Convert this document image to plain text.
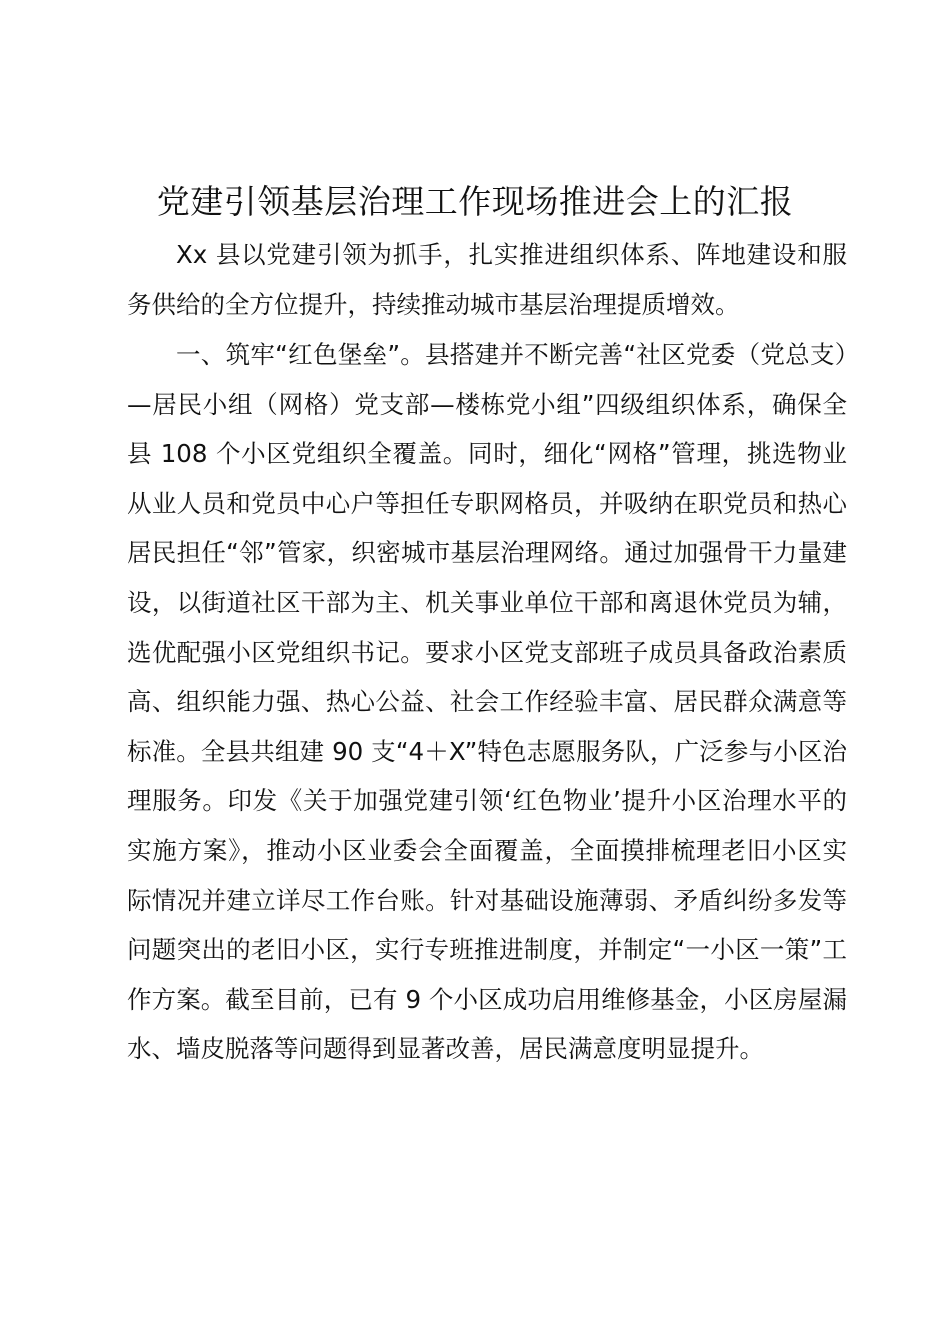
党建引领基层治理工作现场推进会上的汇报

Xx 县以党建引领为抓手，扎实推进组织体系、阵地建设和服务供给的全方位提升，持续推动城市基层治理提质增效。

一、筑牢“红色堡垒”。县搭建并不断完善“社区党委（党总支）—居民小组（网格）党支部—楼栋党小组”四级组织体系，确保全县 108 个小区党组织全覆盖。同时，细化“网格”管理，挑选物业从业人员和党员中心户等担任专职网格员，并吸纳在职党员和热心居民担任“邻”管家，织密城市基层治理网络。通过加强骨干力量建设，以街道社区干部为主、机关事业单位干部和离退休党员为辅，选优配强小区党组织书记。要求小区党支部班子成员具备政治素质高、组织能力强、热心公益、社会工作经验丰富、居民群众满意等标准。全县共组建 90 支“4＋X”特色志愿服务队，广泛参与小区治理服务。印发《关于加强党建引领‘红色物业’提升小区治理水平的实施方案》，推动小区业委会全面覆盖，全面摸排梳理老旧小区实际情况并建立详尽工作台账。针对基础设施薄弱、矛盾纠纷多发等问题突出的老旧小区，实行专班推进制度，并制定“一小区一策”工作方案。截至目前，已有 9 个小区成功启用维修基金，小区房屋漏水、墙皮脱落等问题得到显著改善，居民满意度明显提升。
